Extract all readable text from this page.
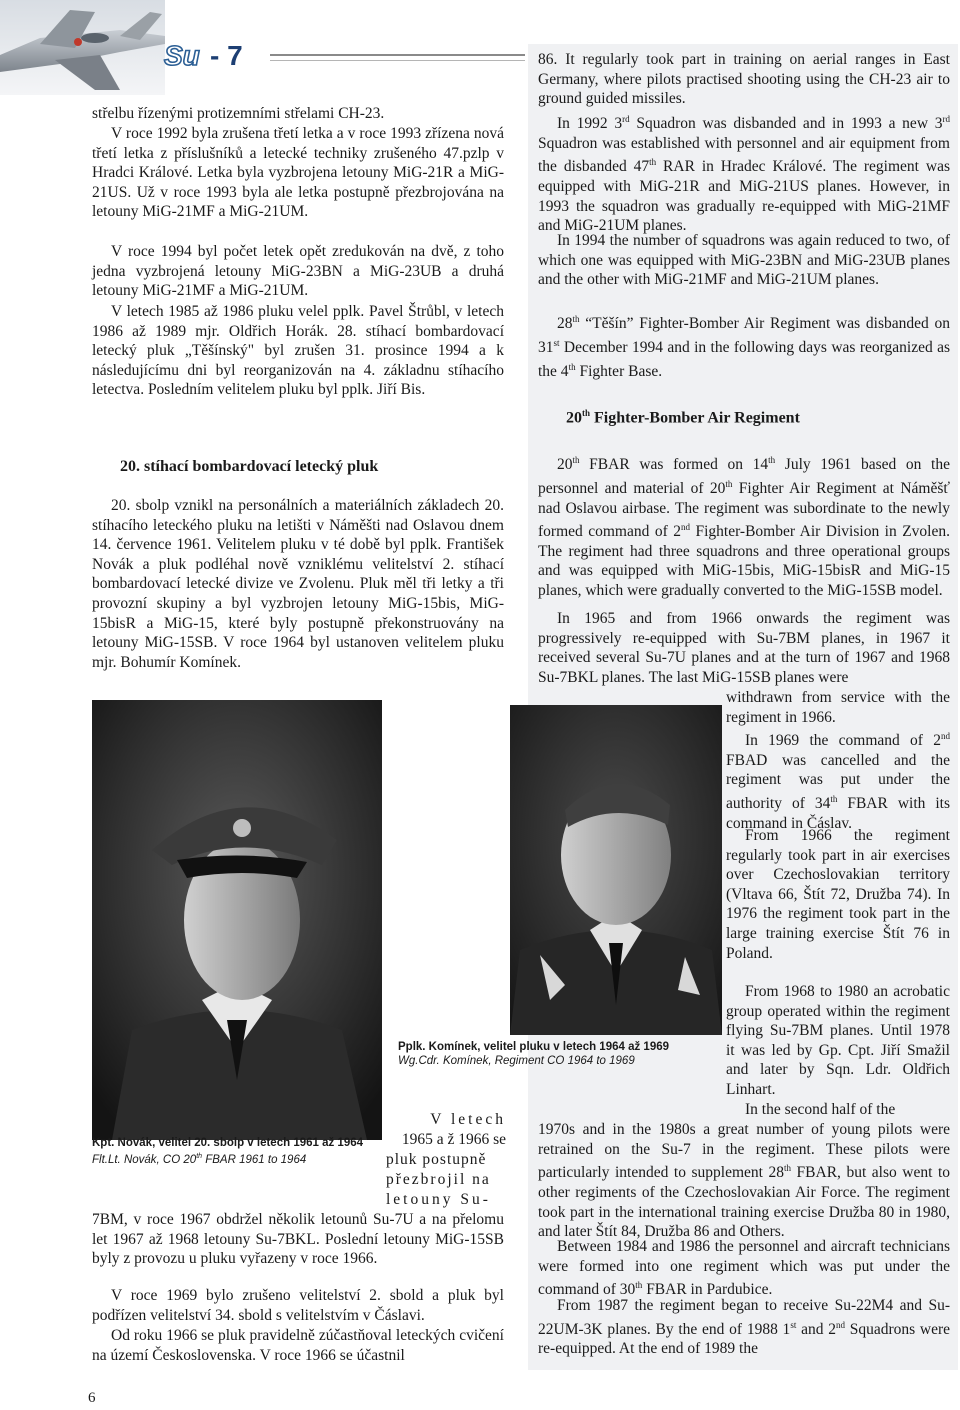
Su - 7

střelbu řízenými protizemními střelami CH-23.

V roce 1992 byla zrušena třetí letka a v roce 1993 zřízena nová třetí letka z příslušníků a letecké techniky zrušeného 47.pzlp v Hradci Králové. Letka byla vyzbrojena letouny MiG-21R a MiG-21US. Už v roce 1993 byla ale letka postupně přezbrojována na letouny MiG-21MF a MiG-21UM.

V roce 1994 byl počet letek opět zredukován na dvě, z toho jedna vyzbrojená letouny MiG-23BN a MiG-23UB a druhá letouny MiG-21MF a MiG-21UM.

V letech 1985 až 1986 pluku velel pplk. Pavel Štrůbl, v letech 1986 až 1989 mjr. Oldřich Horák. 28. stíhací bombardovací letecký pluk „Těšínský" byl zrušen 31. prosince 1994 a k následujícímu dni byl reorganizován na 4. základnu stíhacího letectva. Posledním velitelem pluku byl pplk. Jiří Bis.

20. stíhací bombardovací letecký pluk

20. sbolp vznikl na personálních a materiálních základech 20. stíhacího leteckého pluku na letišti v Náměšti nad Oslavou dnem 14. července 1961. Velitelem pluku v té době byl pplk. František Novák a pluk podléhal nově vzniklému velitelství 2. stíhací bombardovací letecké divize ve Zvolenu. Pluk měl tři letky a tři provozní skupiny a byl vyzbrojen letouny MiG-15bis, MiG-15bisR a MiG-15, které byly postupně překonstruovány na letouny MiG-15SB. V roce 1964 byl ustanoven velitelem pluku mjr. Bohumír Komínek.

Kpt. Novák, velitel 20. sbolp v letech 1961 až 1964
Flt.Lt. Novák, CO 20th FBAR 1961 to 1964

V letech

1965 a ž 1966 se

pluk postupně

přezbrojil na

letouny Su-

7BM, v roce 1967 obdržel několik letounů Su-7U a na přelomu let 1967 až 1968 letouny Su-7BKL. Poslední letouny MiG-15SB byly z provozu u pluku vyřazeny v roce 1966.

V roce 1969 bylo zrušeno velitelství 2. sbold a pluk byl podřízen velitelství 34. sbold s velitelstvím v Čáslavi.

Od roku 1966 se pluk pravidelně zúčastňoval leteckých cvičení na území Československa. V roce 1966 se účastnil

86. It regularly took part in training on aerial ranges in East Germany, where pilots practised shooting using the CH-23 air to ground guided missiles.

In 1992 3rd Squadron was disbanded and in 1993 a new 3rd Squadron was established with personnel and air equipment from the disbanded 47th RAR in Hradec Králové. The regiment was equipped with MiG-21R and MiG-21US planes. However, in 1993 the squadron was gradually re-equipped with MiG-21MF and MiG-21UM planes.

In 1994 the number of squadrons was again reduced to two, of which one was equipped with MiG-23BN and MiG-23UB planes and the other with MiG-21MF and MiG-21UM planes.

28th “Těšín” Fighter-Bomber Air Regiment was disbanded on 31st December 1994 and in the following days was reorganized as the 4th Fighter Base.

20th Fighter-Bomber Air Regiment

20th FBAR was formed on 14th July 1961 based on the personnel and material of 20th Fighter Air Regiment at Náměšť nad Oslavou airbase. The regiment was subordinate to the newly formed command of 2nd Fighter-Bomber Air Division in Zvolen. The regiment had three squadrons and three operational groups and was equipped with MiG-15bis, MiG-15bisR and MiG-15 planes, which were gradually converted to the MiG-15SB model.

In 1965 and from 1966 onwards the regiment was progressively re-equipped with Su-7BM planes, in 1967 it received several Su-7U planes and at the turn of 1967 and 1968 Su-7BKL planes. The last MiG-15SB planes were

Pplk. Komínek, velitel pluku v letech 1964 až 1969
Wg.Cdr. Komínek, Regiment CO 1964 to 1969

withdrawn from service with the regiment in 1966.

In 1969 the command of 2nd FBAD was cancelled and the regiment was put under the authority of 34th FBAR with its command in Čáslav.

From 1966 the regiment regularly took part in air exercises over Czechoslovakian territory (Vltava 66, Štít 72, Družba 74). In 1976 the regiment took part in the large training exercise Štít 76 in Poland.

From 1968 to 1980 an acrobatic group operated within the regiment flying Su-7BM planes. Until 1978 it was led by Gp. Cpt. Jiří Smažil and later by Sqn. Ldr. Oldřich Linhart.

In the second half of the

1970s and in the 1980s a great number of young pilots were retrained on the Su-7 in the regiment. These pilots were particularly intended to supplement 28th FBAR, but also went to other regiments of the Czechoslovakian Air Force. The regiment took part in the international training exercise Družba 80 in 1980, and later Štít 84, Družba 86 and Others.

Between 1984 and 1986 the personnel and aircraft technicians were formed into one regiment which was put under the command of 30th FBAR in Pardubice.

From 1987 the regiment began to receive Su-22M4 and Su-22UM-3K planes. By the end of 1988 1st and 2nd Squadrons were re-equipped. At the end of 1989 the

6
